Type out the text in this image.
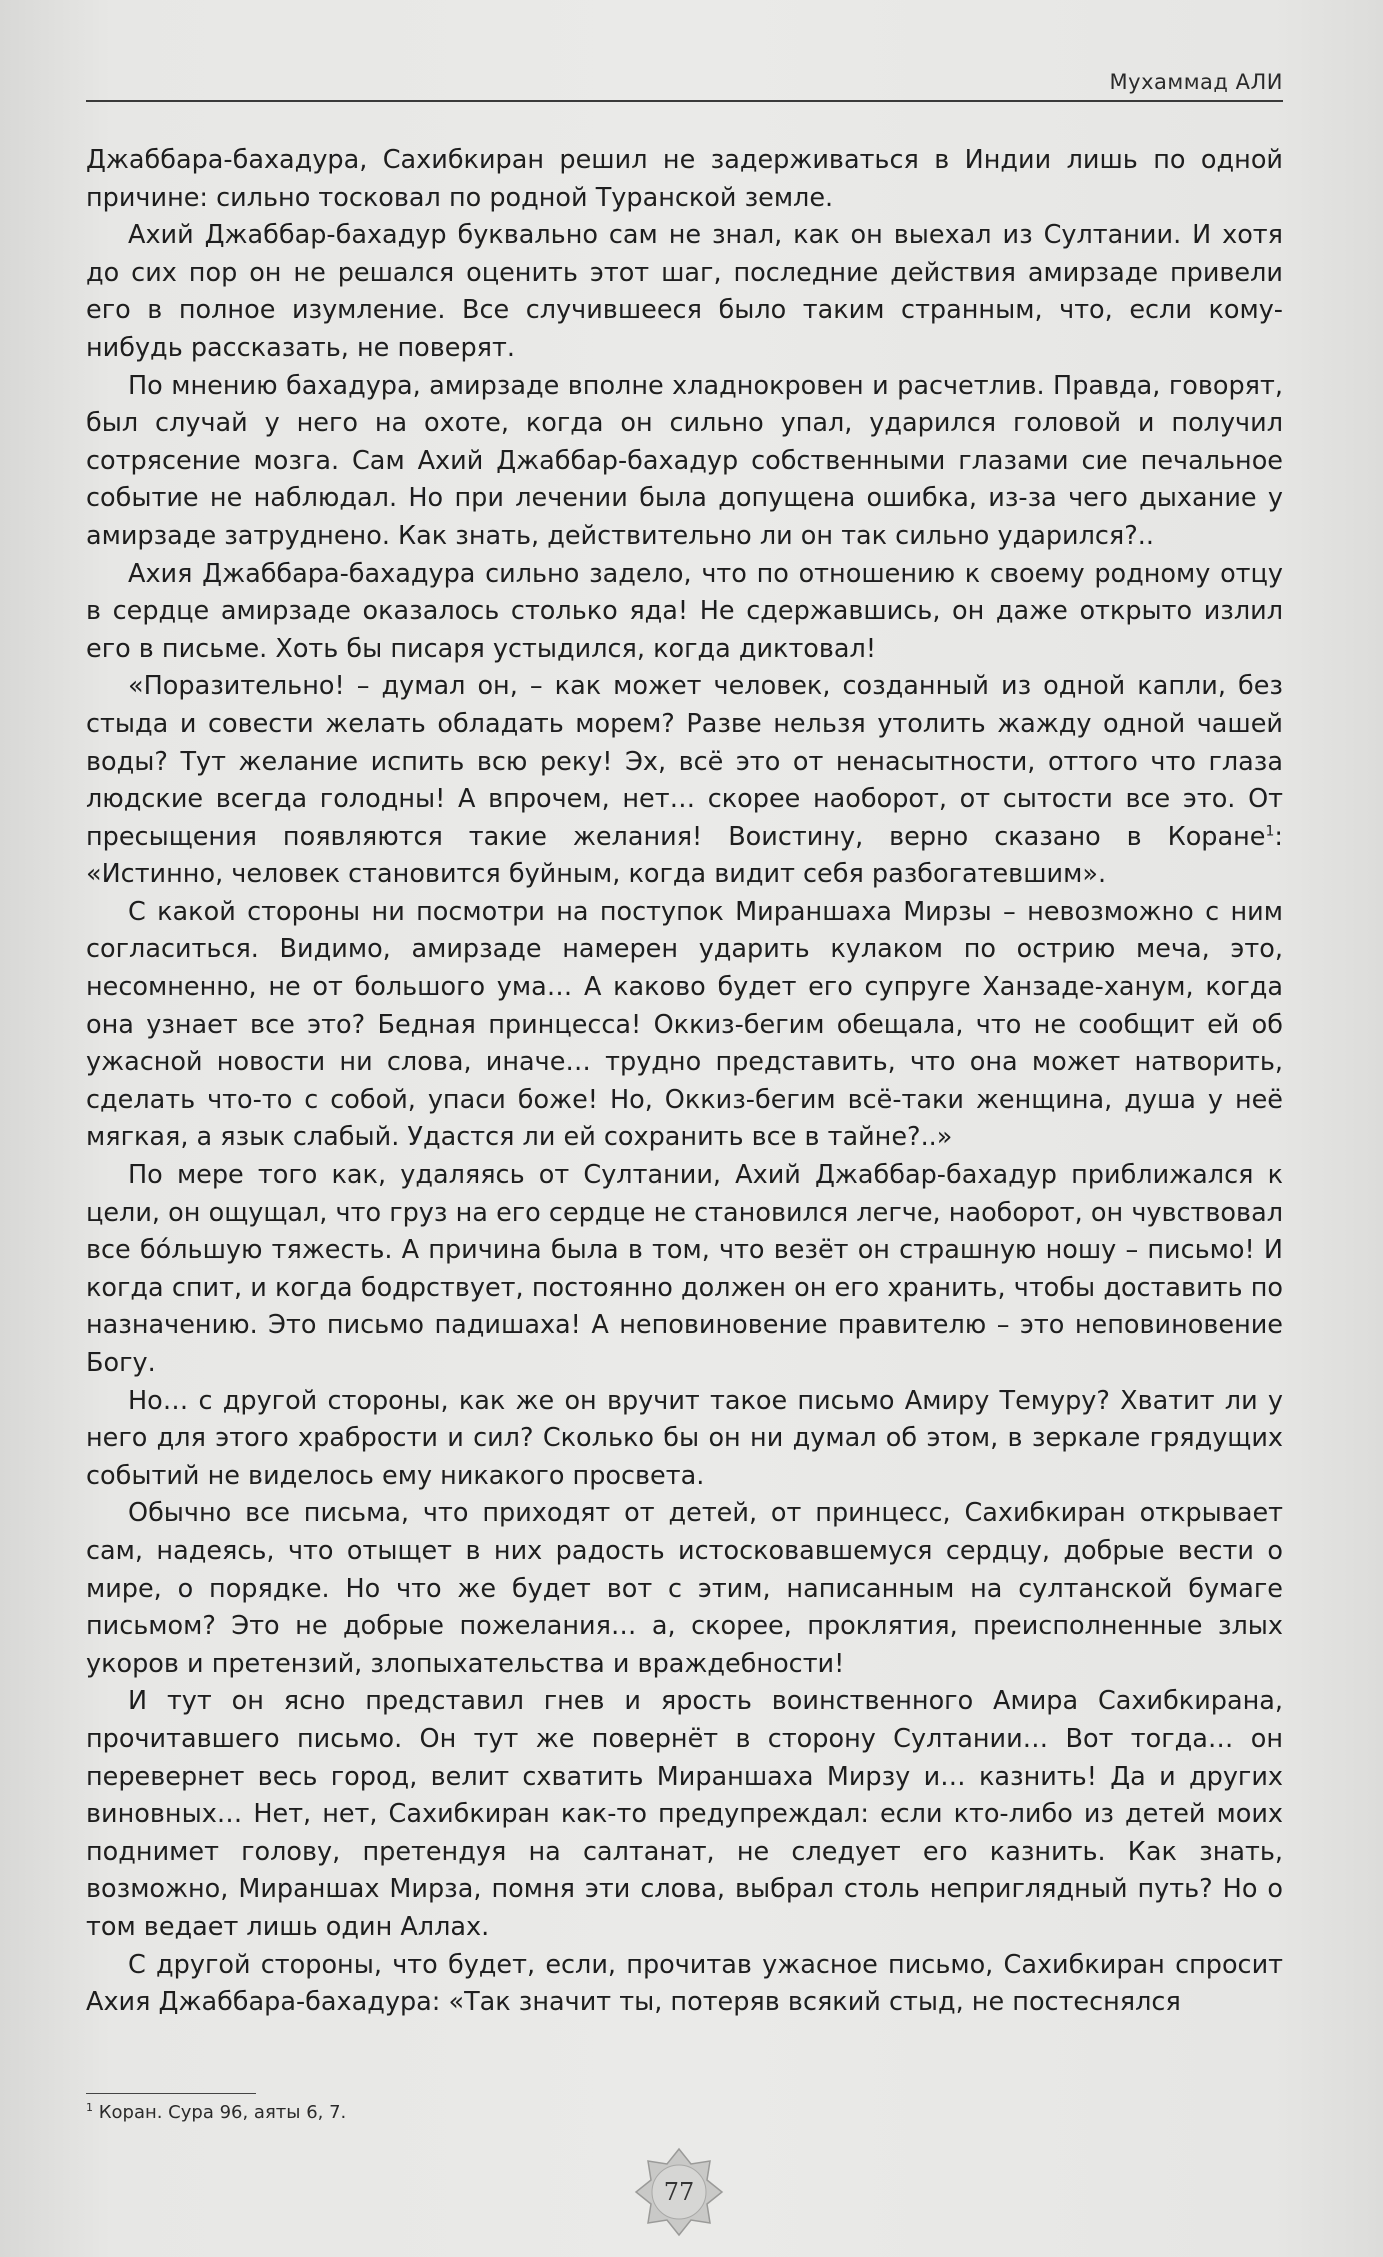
Мухаммад АЛИ

Джаббара-бахадура, Сахибкиран решил не задерживаться в Индии лишь по одной причине: сильно тосковал по родной Туранской земле.

Ахий Джаббар-бахадур буквально сам не знал, как он выехал из Султании. И хотя до сих пор он не решался оценить этот шаг, последние действия амирзаде привели его в полное изумление. Все случившееся было таким странным, что, если кому-нибудь рассказать, не поверят.

По мнению бахадура, амирзаде вполне хладнокровен и расчетлив. Правда, говорят, был случай у него на охоте, когда он сильно упал, ударился головой и получил сотрясение мозга. Сам Ахий Джаббар-бахадур собственными глазами сие печальное событие не наблюдал. Но при лечении была допущена ошибка, из-за чего дыхание у амирзаде затруднено. Как знать, действительно ли он так сильно ударился?..

Ахия Джаббара-бахадура сильно задело, что по отношению к своему родному отцу в сердце амирзаде оказалось столько яда! Не сдержавшись, он даже открыто излил его в письме. Хоть бы писаря устыдился, когда диктовал!

«Поразительно! – думал он, – как может человек, созданный из одной капли, без стыда и совести желать обладать морем? Разве нельзя утолить жажду одной чашей воды? Тут желание испить всю реку! Эх, всё это от ненасытности, оттого что глаза людские всегда голодны! А впрочем, нет… скорее наоборот, от сытости все это. От пресыщения появляются такие желания! Воистину, верно сказано в Коране$^1$: «Истинно, человек становится буйным, когда видит себя разбогатевшим».

С какой стороны ни посмотри на поступок Мираншаха Мирзы – невозможно с ним согласиться. Видимо, амирзаде намерен ударить кулаком по острию меча, это, несомненно, не от большого ума… А каково будет его супруге Ханзаде-ханум, когда она узнает все это? Бедная принцесса! Оккиз-бегим обещала, что не сообщит ей об ужасной новости ни слова, иначе… трудно представить, что она может натворить, сделать что-то с собой, упаси боже! Но, Оккиз-бегим всё-таки женщина, душа у неё мягкая, а язык слабый. Удастся ли ей сохранить все в тайне?..»

По мере того как, удаляясь от Султании, Ахий Джаббар-бахадур приближался к цели, он ощущал, что груз на его сердце не становился легче, наоборот, он чувствовал все бо́льшую тяжесть. А причина была в том, что везёт он страшную ношу – письмо! И когда спит, и когда бодрствует, постоянно должен он его хранить, чтобы доставить по назначению. Это письмо падишаха! А неповиновение правителю – это неповиновение Богу.

Но… с другой стороны, как же он вручит такое письмо Амиру Темуру? Хватит ли у него для этого храбрости и сил? Сколько бы он ни думал об этом, в зеркале грядущих событий не виделось ему никакого просвета.

Обычно все письма, что приходят от детей, от принцесс, Сахибкиран открывает сам, надеясь, что отыщет в них радость истосковавшемуся сердцу, добрые вести о мире, о порядке. Но что же будет вот с этим, написанным на султанской бумаге письмом? Это не добрые пожелания… а, скорее, проклятия, преисполненные злых укоров и претензий, злопыхательства и враждебности!

И тут он ясно представил гнев и ярость воинственного Амира Сахибкирана, прочитавшего письмо. Он тут же повернёт в сторону Султании… Вот тогда… он перевернет весь город, велит схватить Мираншаха Мирзу и… казнить! Да и других виновных… Нет, нет, Сахибкиран как-то предупреждал: если кто-либо из детей моих поднимет голову, претендуя на салтанат, не следует его казнить. Как знать, возможно, Мираншах Мирза, помня эти слова, выбрал столь неприглядный путь? Но о том ведает лишь один Аллах.

С другой стороны, что будет, если, прочитав ужасное письмо, Сахибкиран спросит Ахия Джаббара-бахадура: «Так значит ты, потеряв всякий стыд, не постеснялся

$^1$ Коран. Сура 96, аяты 6, 7.
77
